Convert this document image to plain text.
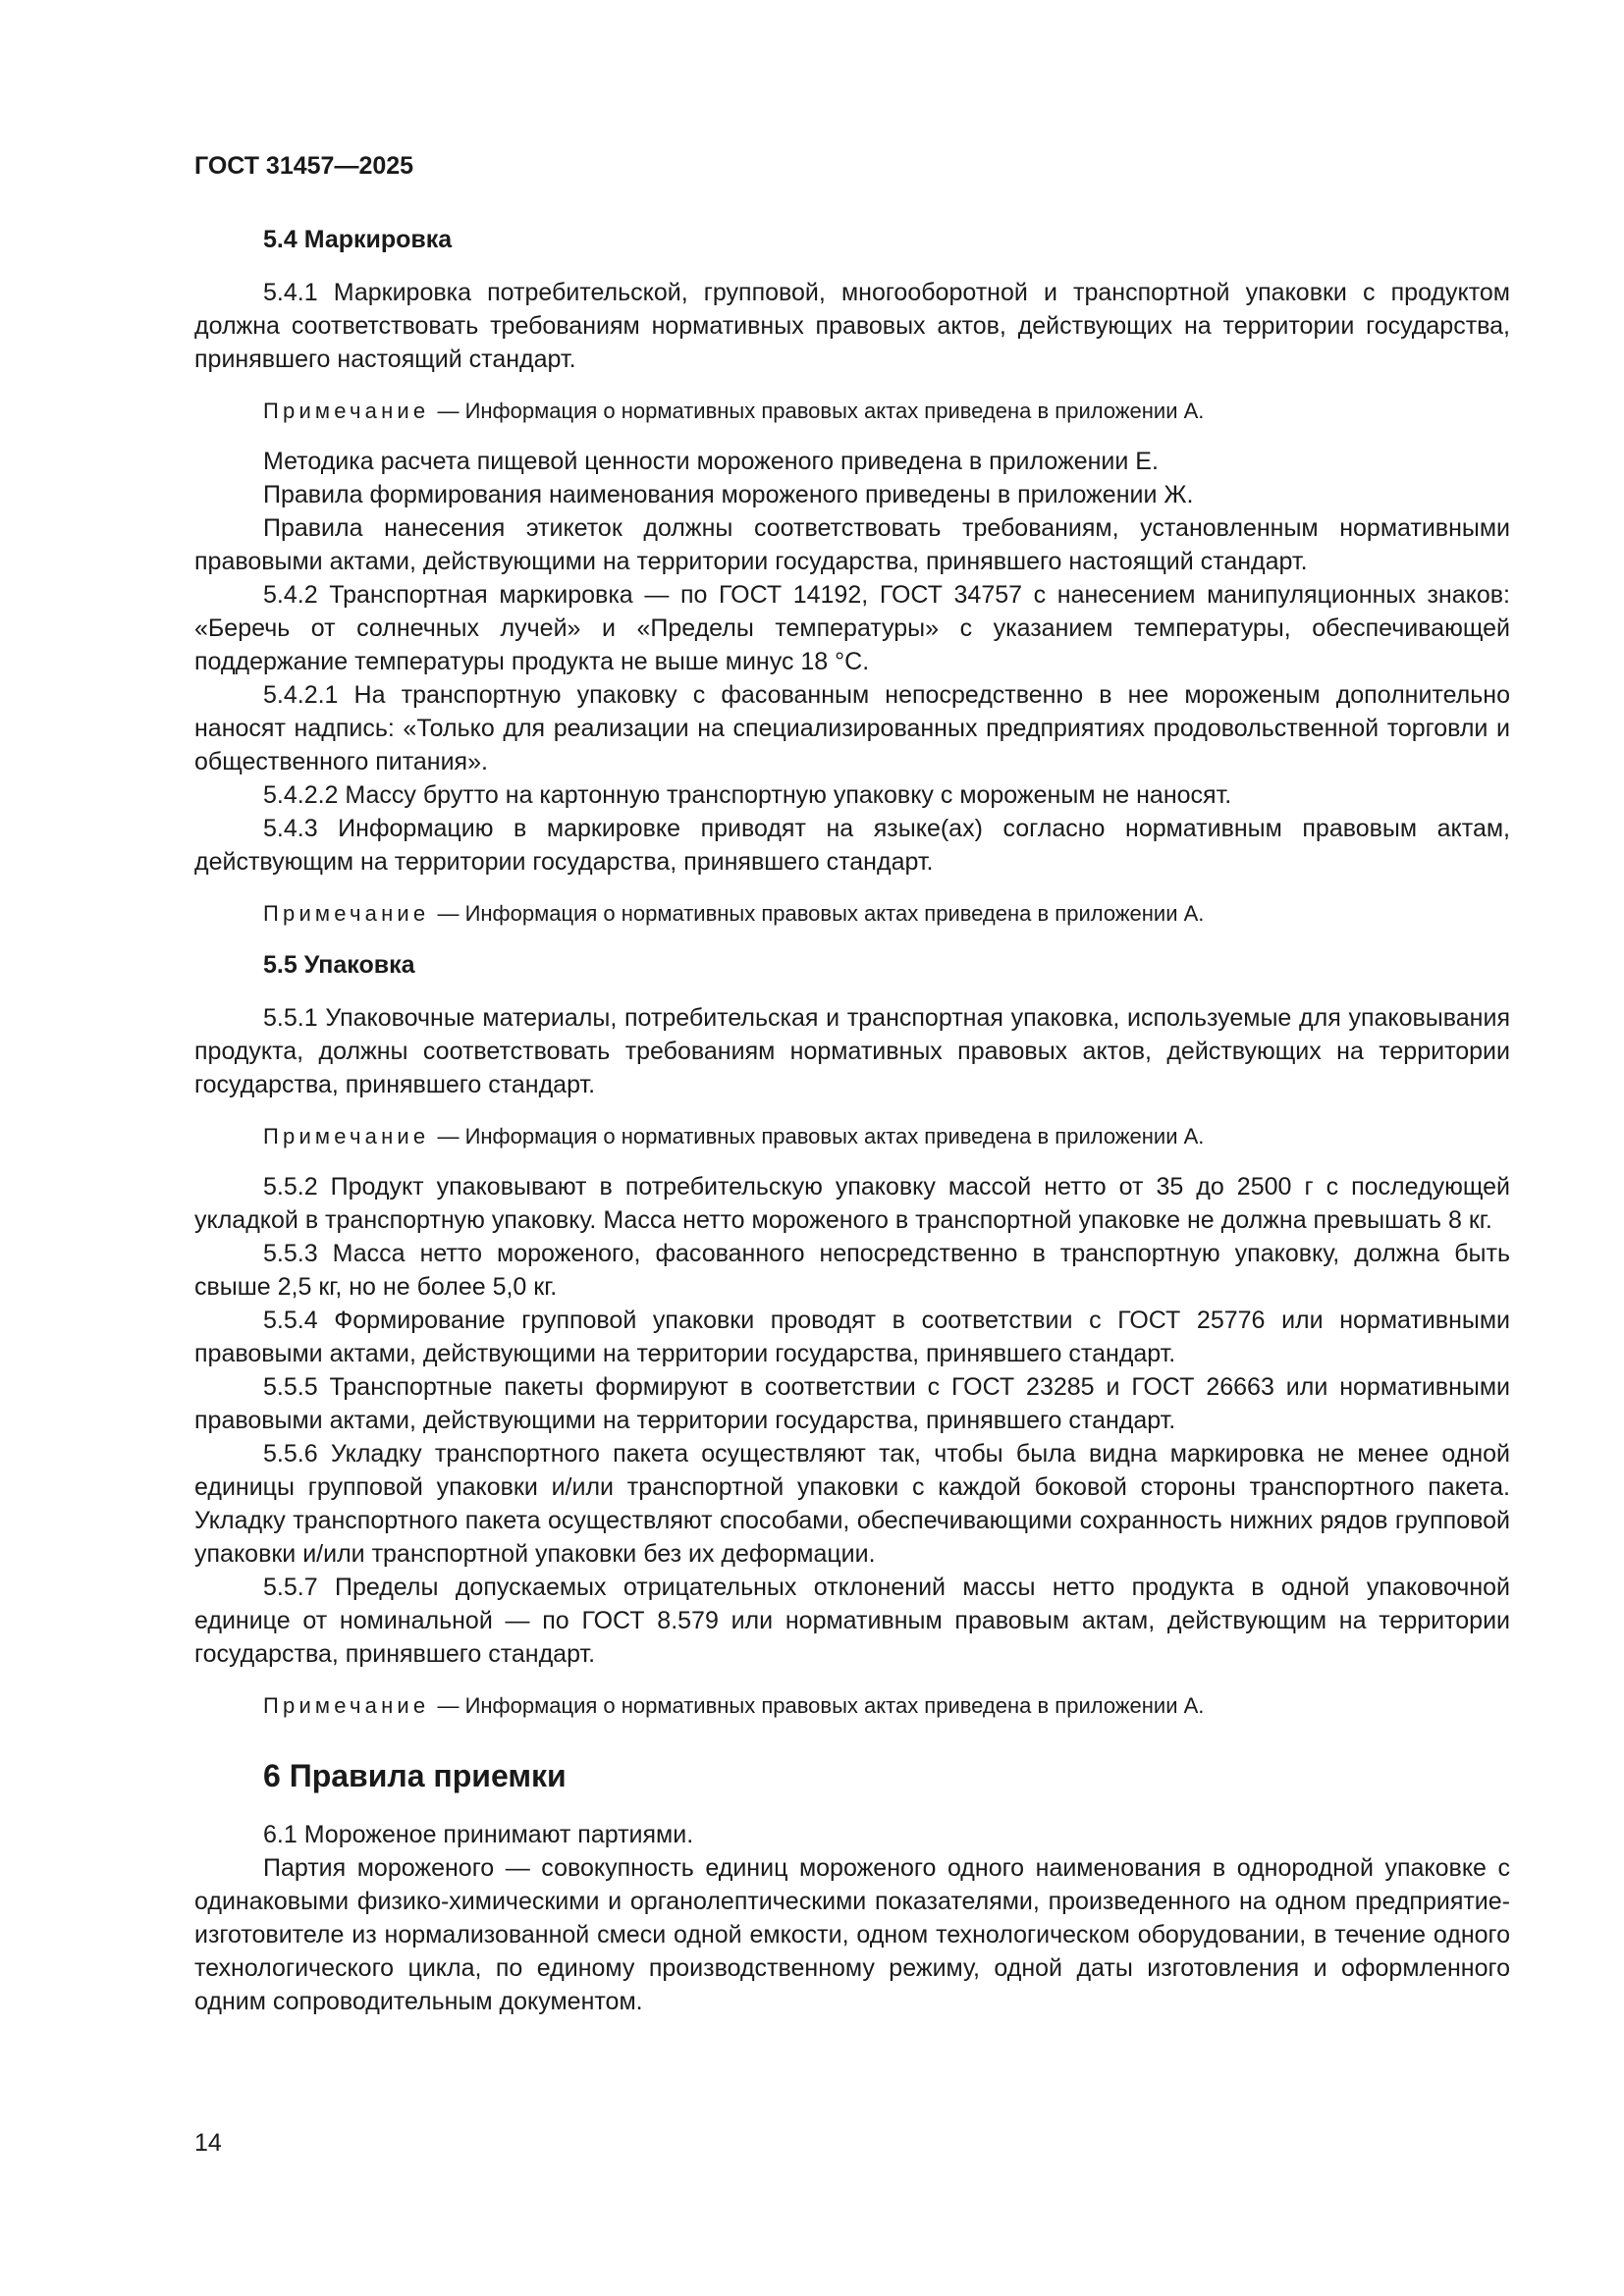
ГОСТ 31457—2025

5.4 Маркировка

5.4.1 Маркировка потребительской, групповой, многооборотной и транспортной упаковки с продуктом должна соответствовать требованиям нормативных правовых актов, действующих на территории государства, принявшего настоящий стандарт.

Примечание — Информация о нормативных правовых актах приведена в приложении А.

Методика расчета пищевой ценности мороженого приведена в приложении Е.

Правила формирования наименования мороженого приведены в приложении Ж.

Правила нанесения этикеток должны соответствовать требованиям, установленным нормативными правовыми актами, действующими на территории государства, принявшего настоящий стандарт.

5.4.2 Транспортная маркировка — по ГОСТ 14192, ГОСТ 34757 с нанесением манипуляционных знаков: «Беречь от солнечных лучей» и «Пределы температуры» с указанием температуры, обеспечивающей поддержание температуры продукта не выше минус 18 °С.

5.4.2.1 На транспортную упаковку с фасованным непосредственно в нее мороженым дополнительно наносят надпись: «Только для реализации на специализированных предприятиях продовольственной торговли и общественного питания».

5.4.2.2 Массу брутто на картонную транспортную упаковку с мороженым не наносят.

5.4.3 Информацию в маркировке приводят на языке(ах) согласно нормативным правовым актам, действующим на территории государства, принявшего стандарт.

Примечание — Информация о нормативных правовых актах приведена в приложении А.
5.5 Упаковка

5.5.1 Упаковочные материалы, потребительская и транспортная упаковка, используемые для упаковывания продукта, должны соответствовать требованиям нормативных правовых актов, действующих на территории государства, принявшего стандарт.

Примечание — Информация о нормативных правовых актах приведена в приложении А.

5.5.2 Продукт упаковывают в потребительскую упаковку массой нетто от 35 до 2500 г с последующей укладкой в транспортную упаковку. Масса нетто мороженого в транспортной упаковке не должна превышать 8 кг.

5.5.3 Масса нетто мороженого, фасованного непосредственно в транспортную упаковку, должна быть свыше 2,5 кг, но не более 5,0 кг.

5.5.4 Формирование групповой упаковки проводят в соответствии с ГОСТ 25776 или нормативными правовыми актами, действующими на территории государства, принявшего стандарт.

5.5.5 Транспортные пакеты формируют в соответствии с ГОСТ 23285 и ГОСТ 26663 или нормативными правовыми актами, действующими на территории государства, принявшего стандарт.

5.5.6 Укладку транспортного пакета осуществляют так, чтобы была видна маркировка не менее одной единицы групповой упаковки и/или транспортной упаковки с каждой боковой стороны транспортного пакета. Укладку транспортного пакета осуществляют способами, обеспечивающими сохранность нижних рядов групповой упаковки и/или транспортной упаковки без их деформации.

5.5.7 Пределы допускаемых отрицательных отклонений массы нетто продукта в одной упаковочной единице от номинальной — по ГОСТ 8.579 или нормативным правовым актам, действующим на территории государства, принявшего стандарт.

Примечание — Информация о нормативных правовых актах приведена в приложении А.
6 Правила приемки

6.1 Мороженое принимают партиями.

Партия мороженого — совокупность единиц мороженого одного наименования в однородной упаковке с одинаковыми физико-химическими и органолептическими показателями, произведенного на одном предприятие-изготовителе из нормализованной смеси одной емкости, одном технологическом оборудовании, в течение одного технологического цикла, по единому производственному режиму, одной даты изготовления и оформленного одним сопроводительным документом.

14
